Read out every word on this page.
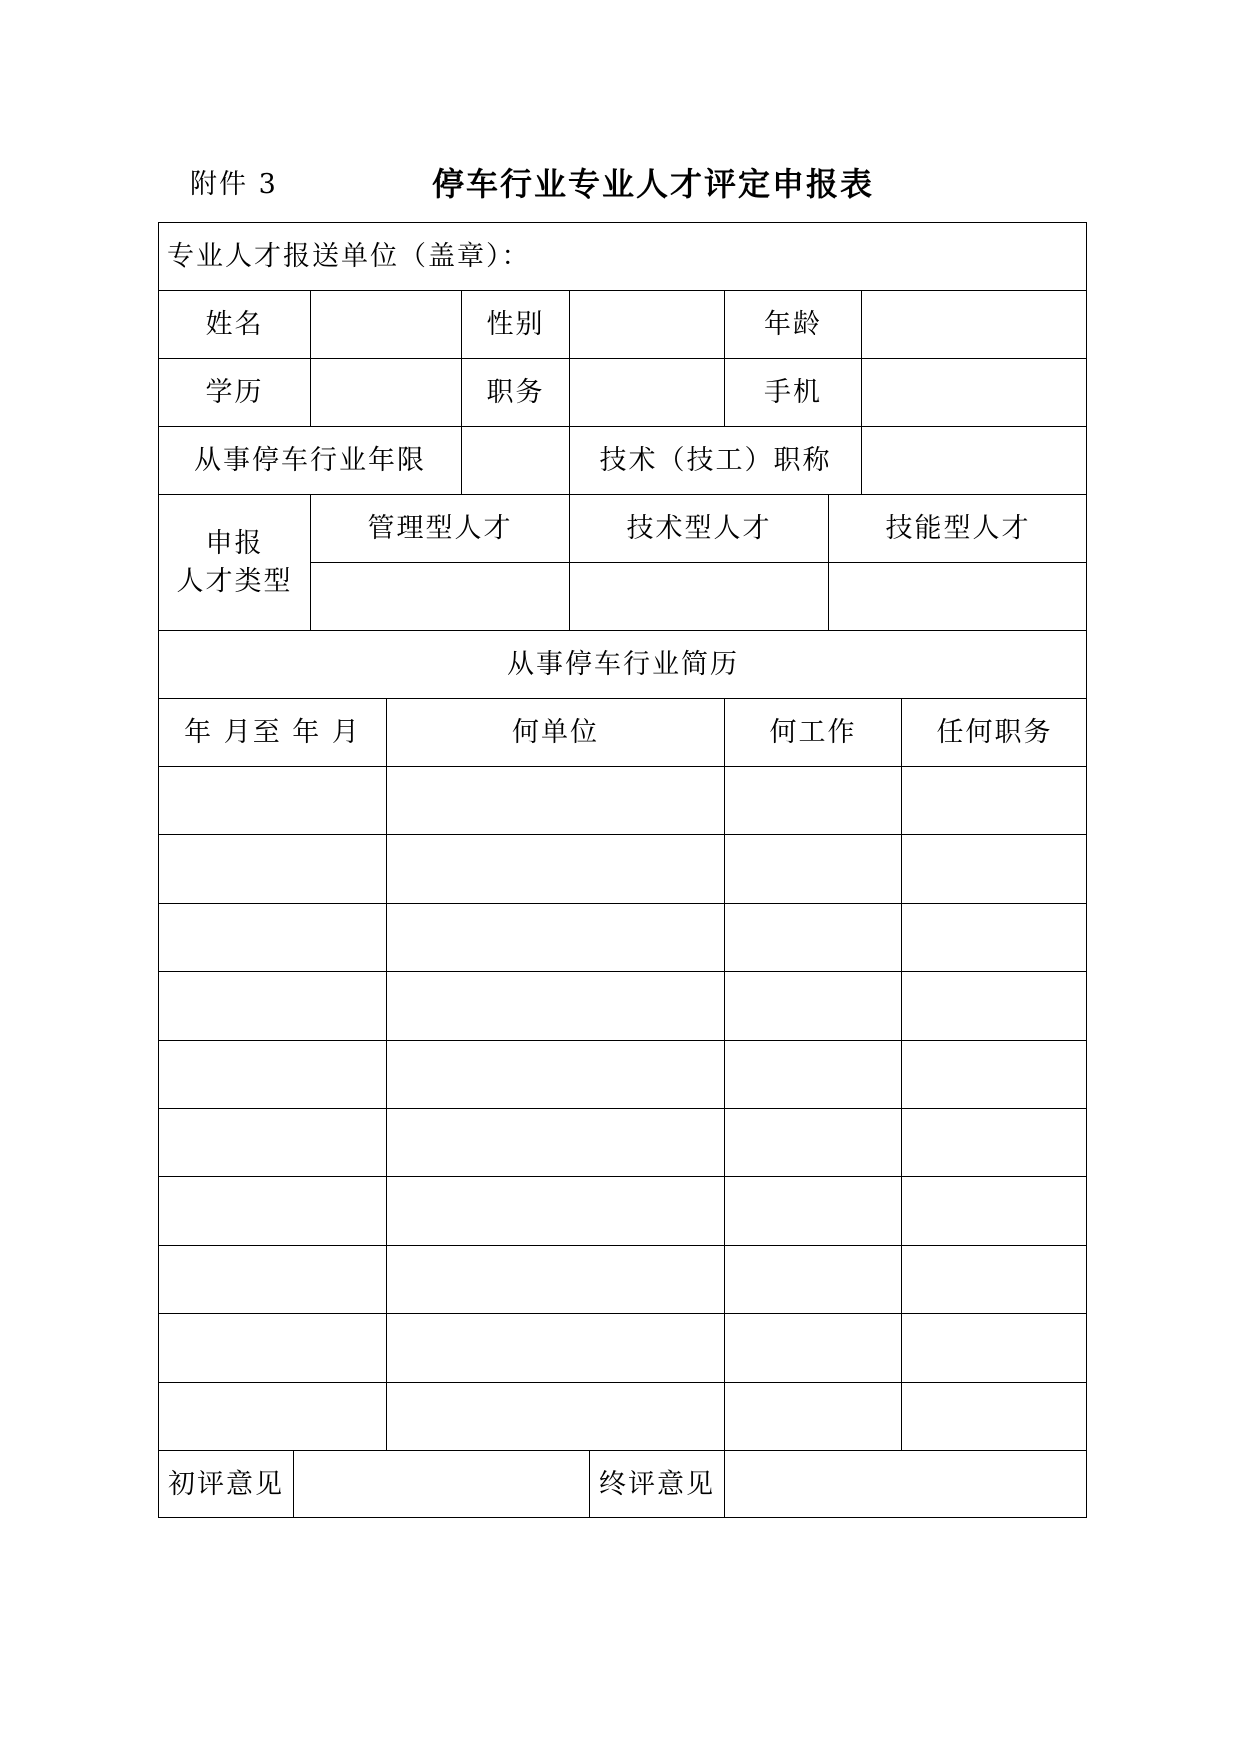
附件 3	停车行业专业人才评定申报表
专业人才报送单位（盖章）：
姓名	性别	年龄
学历	职务	手机
从事停车行业年限	技术（技工）职称
申报
人才类型
管理型人才	技术型人才	技能型人才
从事停车行业简历
年 月至 年 月	何单位	何工作	任何职务
初评意见	终评意见
